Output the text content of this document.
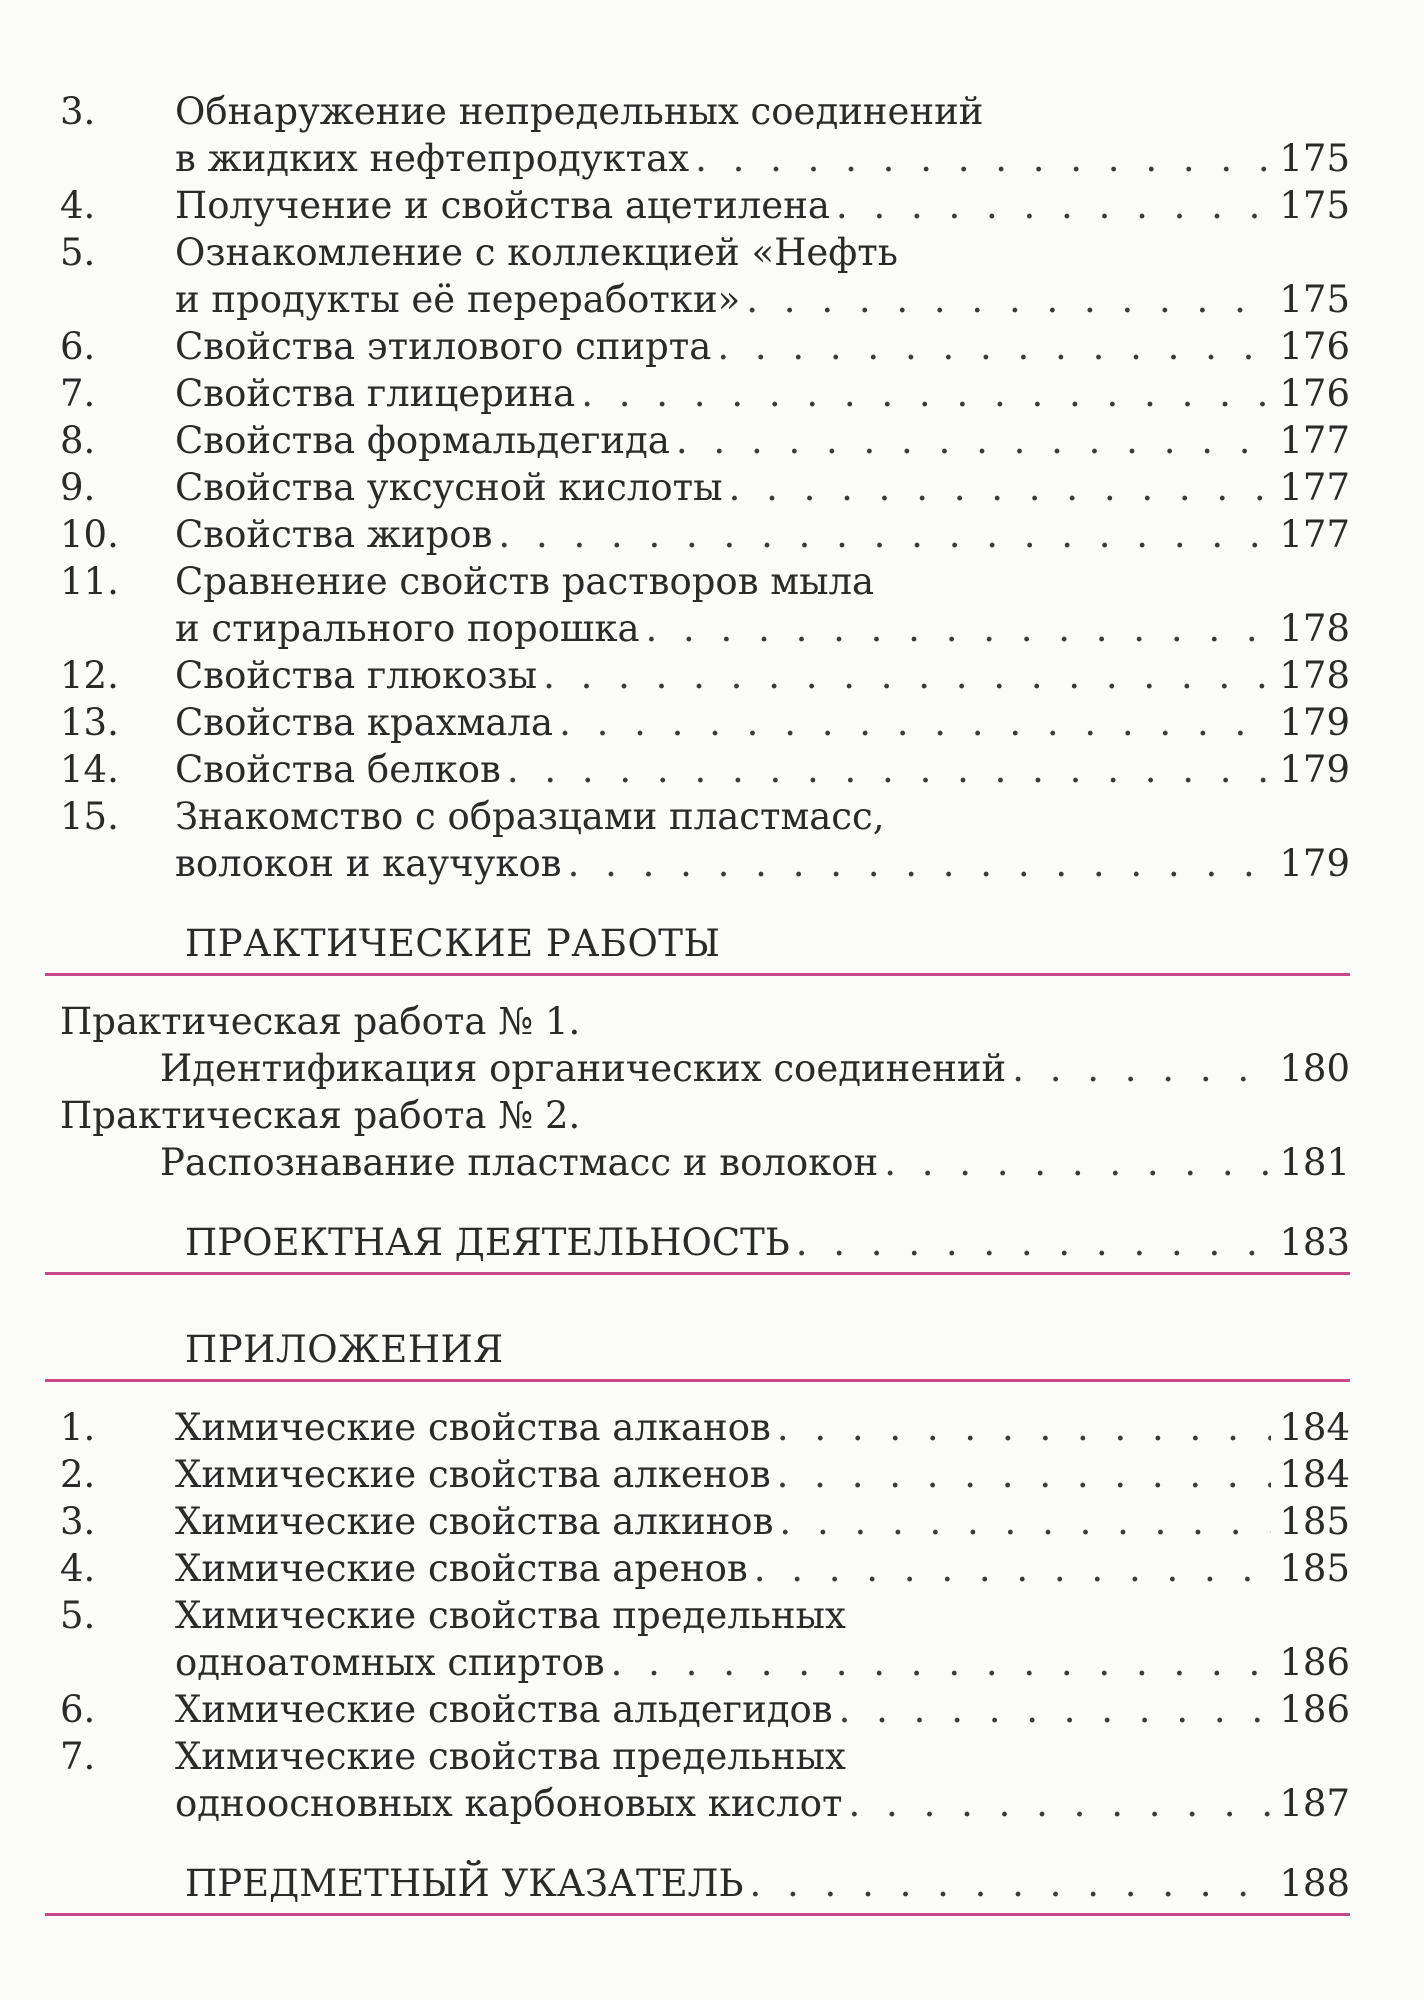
3.	Обнаружение непредельных соединений
в жидких нефтепродуктах . . .	175
4.	Получение и свойства ацетилена . . .	175
5.	Ознакомление с коллекцией «Нефть
и продукты её переработки» . . .	175
6.	Свойства этилового спирта . . .	176
7.	Свойства глицерина . . .	176
8.	Свойства формальдегида . . .	177
9.	Свойства уксусной кислоты . . .	177
10.	Свойства жиров . . .	177
11.	Сравнение свойств растворов мыла
и стирального порошка . . .	178
12.	Свойства глюкозы . . .	178
13.	Свойства крахмала . . .	179
14.	Свойства белков . . .	179
15.	Знакомство с образцами пластмасс,
волокон и каучуков . . .	179
ПРАКТИЧЕСКИЕ РАБОТЫ
Практическая работа № 1.
Идентификация органических соединений . . .	180
Практическая работа № 2.
Распознавание пластмасс и волокон . . .	181
ПРОЕКТНАЯ ДЕЯТЕЛЬНОСТЬ . . .	183
ПРИЛОЖЕНИЯ
1.	Химические свойства алканов . . .	184
2.	Химические свойства алкенов . . .	184
3.	Химические свойства алкинов . . .	185
4.	Химические свойства аренов . . .	185
5.	Химические свойства предельных
одноатомных спиртов . . .	186
6.	Химические свойства альдегидов . . .	186
7.	Химические свойства предельных
одноосновных карбоновых кислот . . .	187
ПРЕДМЕТНЫЙ УКАЗАТЕЛЬ . . .	188
